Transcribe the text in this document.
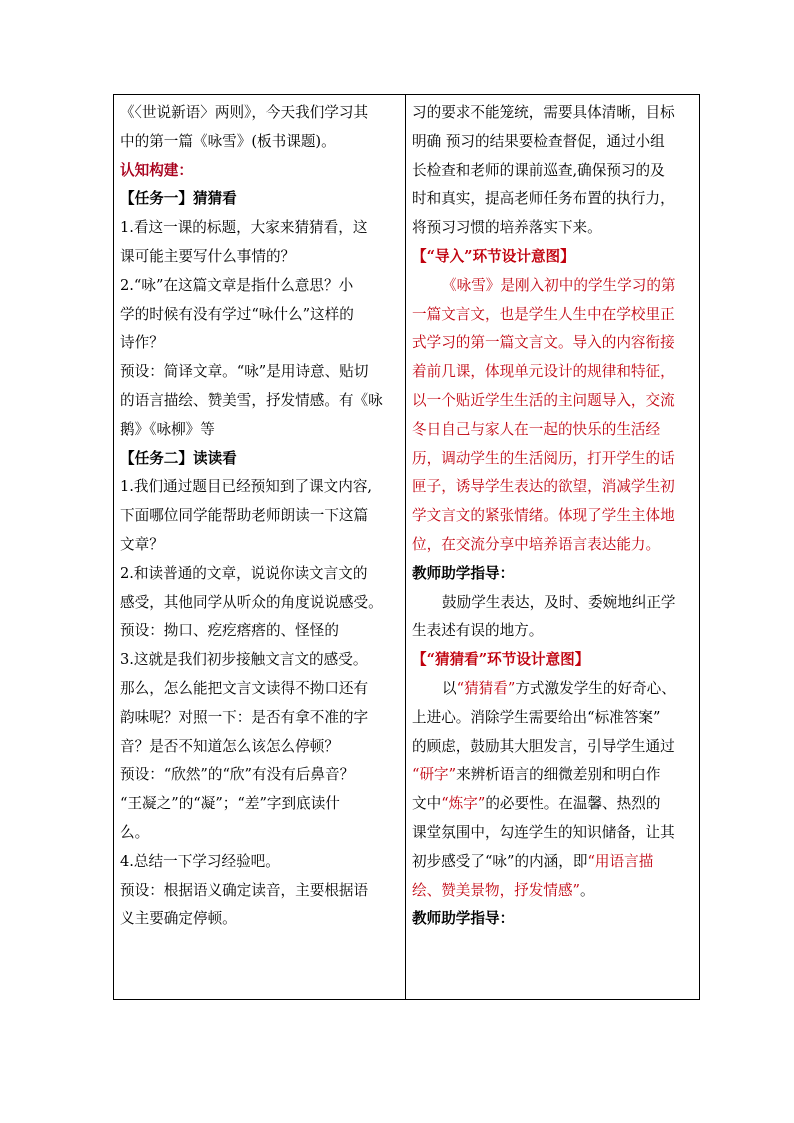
《〈世说新语〉两则》，今天我们学习其
中的第一篇《咏雪》(板书课题)。
认知构建：
【任务一】猜猜看
1.看这一课的标题，大家来猜猜看，这
课可能主要写什么事情的？
2.“咏”在这篇文章是指什么意思？小
学的时候有没有学过“咏什么”这样的
诗作？
预设：简译文章。“咏”是用诗意、贴切
的语言描绘、赞美雪，抒发情感。有《咏
鹅》《咏柳》等
【任务二】读读看
1.我们通过题目已经预知到了课文内容,
下面哪位同学能帮助老师朗读一下这篇
文章？
2.和读普通的文章，说说你读文言文的
感受，其他同学从听众的角度说说感受。
预设：拗口、疙疙瘩瘩的、怪怪的
3.这就是我们初步接触文言文的感受。
那么，怎么能把文言文读得不拗口还有
韵味呢？对照一下：是否有拿不准的字
音？是否不知道怎么该怎么停顿？
预设：“欣然”的“欣”有没有后鼻音？
“王凝之”的“凝”；“差”字到底读什
么。
4.总结一下学习经验吧。
预设：根据语义确定读音，主要根据语
义主要确定停顿。
习的要求不能笼统，需要具体清晰，目标
明确 预习的结果要检查督促，通过小组
长检查和老师的课前巡查,确保预习的及
时和真实，提高老师任务布置的执行力，
将预习习惯的培养落实下来。
【“导入”环节设计意图】
《咏雪》是刚入初中的学生学习的第
一篇文言文，也是学生人生中在学校里正
式学习的第一篇文言文。导入的内容衔接
着前几课，体现单元设计的规律和特征，
以一个贴近学生生活的主问题导入，交流
冬日自己与家人在一起的快乐的生活经
历，调动学生的生活阅历，打开学生的话
匣子，诱导学生表达的欲望，消减学生初
学文言文的紧张情绪。体现了学生主体地
位，在交流分享中培养语言表达能力。
教师助学指导：
鼓励学生表达，及时、委婉地纠正学
生表述有误的地方。
【“猜猜看”环节设计意图】
以“猜猜看”方式激发学生的好奇心、
上进心。消除学生需要给出“标准答案”
的顾虑，鼓励其大胆发言，引导学生通过
“研字”来辨析语言的细微差别和明白作
文中“炼字”的必要性。在温馨、热烈的
课堂氛围中，勾连学生的知识储备，让其
初步感受了“咏”的内涵，即“用语言描
绘、赞美景物，抒发情感”。
教师助学指导：
